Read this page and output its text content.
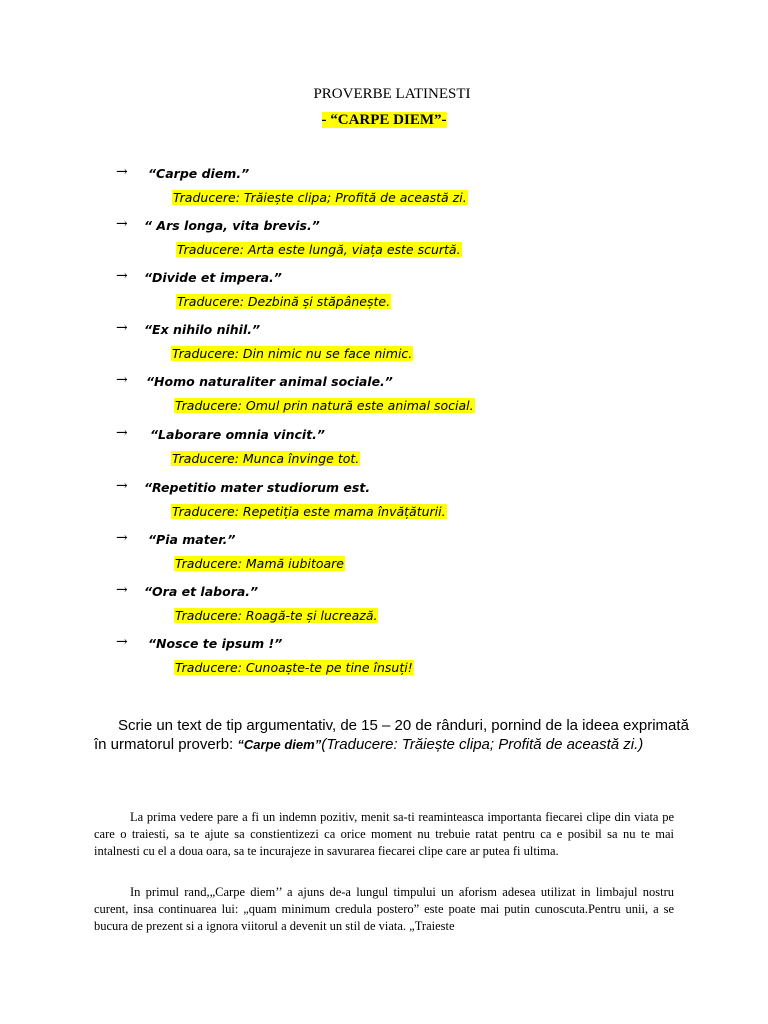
PROVERBE LATINESTI
- “CARPE DIEM”-
→ “Carpe diem.”
Traducere: Trăiește clipa; Profită de această zi.
→ “ Ars longa, vita brevis.”
Traducere: Arta este lungă, viața este scurtă.
→ “Divide et impera.”
Traducere: Dezbină și stăpânește.
→ “Ex nihilo nihil.”
Traducere: Din nimic nu se face nimic.
→ “Homo naturaliter animal sociale.”
Traducere: Omul prin natură este animal social.
→ “Laborare omnia vincit.”
Traducere: Munca învinge tot.
→ “Repetitio mater studiorum est.
Traducere: Repetiția este mama învățăturii.
→ “Pia mater.”
Traducere: Mamă iubitoare
→ “Ora et labora.”
Traducere: Roagă-te și lucrează.
→ “Nosce te ipsum !”
Traducere: Cunoaște-te pe tine însuți!
Scrie un text de tip argumentativ, de 15 – 20 de rânduri, pornind de la ideea exprimată în urmatorul proverb: “Carpe diem”(Traducere: Trăiește clipa; Profită de această zi.)
La prima vedere pare a fi un indemn pozitiv, menit sa-ti reaminteasca importanta fiecarei clipe din viata pe care o traiesti, sa te ajute sa constientizezi ca orice moment nu trebuie ratat pentru ca e posibil sa nu te mai intalnesti cu el a doua oara, sa te incurajeze in savurarea fiecarei clipe care ar putea fi ultima.
In primul rand,„Carpe diem’’ a ajuns de-a lungul timpului un aforism adesea utilizat in limbajul nostru curent, insa continuarea lui: „quam minimum credula postero” este poate mai putin cunoscuta.Pentru unii, a se bucura de prezent si a ignora viitorul a devenit un stil de viata. „Traieste
